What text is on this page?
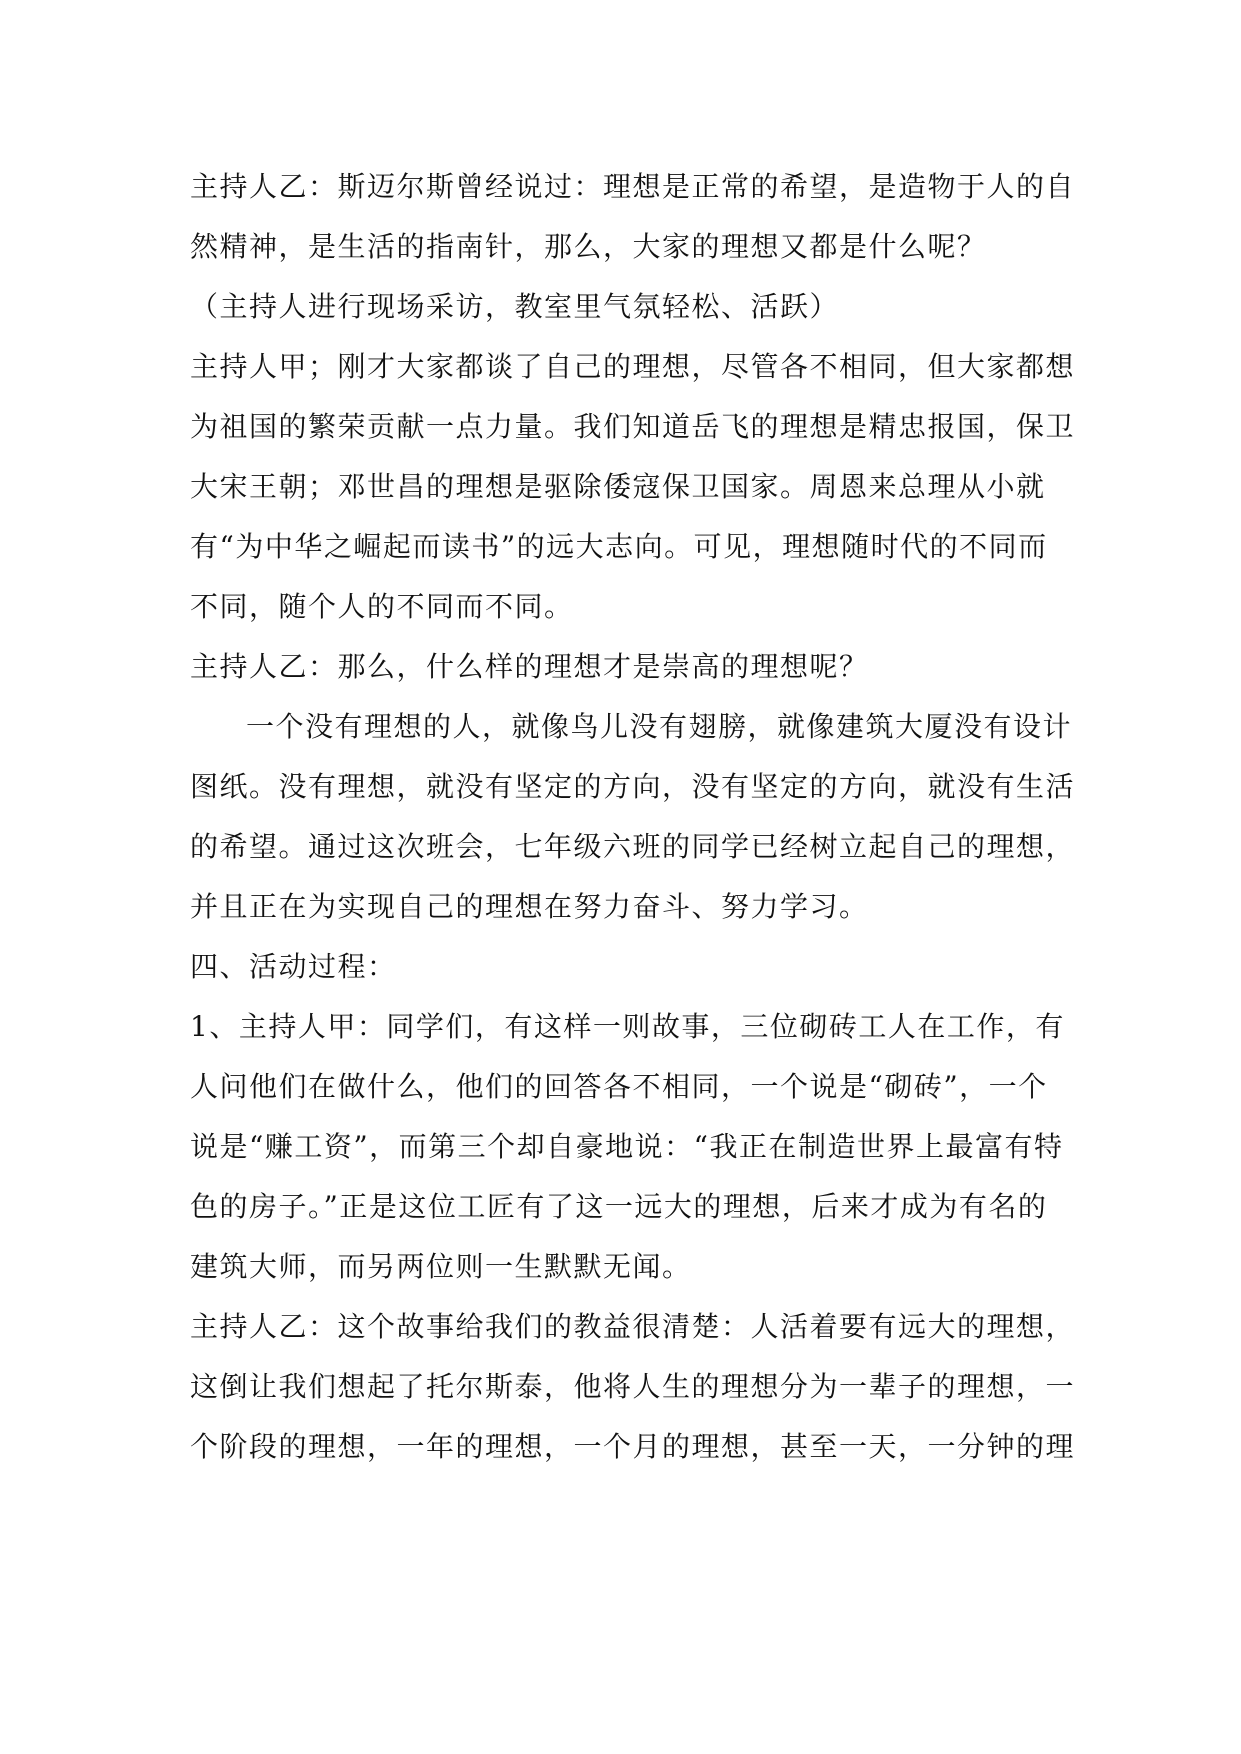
主持人乙：斯迈尔斯曾经说过：理想是正常的希望，是造物于人的自
然精神，是生活的指南针，那么，大家的理想又都是什么呢？
（主持人进行现场采访，教室里气氛轻松、活跃）
主持人甲；刚才大家都谈了自己的理想，尽管各不相同，但大家都想
为祖国的繁荣贡献一点力量。我们知道岳飞的理想是精忠报国，保卫
大宋王朝；邓世昌的理想是驱除倭寇保卫国家。周恩来总理从小就
有“为中华之崛起而读书”的远大志向。可见，理想随时代的不同而
不同，随个人的不同而不同。
主持人乙：那么，什么样的理想才是崇高的理想呢？
一个没有理想的人，就像鸟儿没有翅膀，就像建筑大厦没有设计
图纸。没有理想，就没有坚定的方向，没有坚定的方向，就没有生活
的希望。通过这次班会，七年级六班的同学已经树立起自己的理想，
并且正在为实现自己的理想在努力奋斗、努力学习。
四、活动过程：
1、主持人甲：同学们，有这样一则故事，三位砌砖工人在工作，有
人问他们在做什么，他们的回答各不相同，一个说是“砌砖”，一个
说是“赚工资”，而第三个却自豪地说：“我正在制造世界上最富有特
色的房子。”正是这位工匠有了这一远大的理想，后来才成为有名的
建筑大师，而另两位则一生默默无闻。
主持人乙：这个故事给我们的教益很清楚：人活着要有远大的理想，
这倒让我们想起了托尔斯泰，他将人生的理想分为一辈子的理想，一
个阶段的理想，一年的理想，一个月的理想，甚至一天，一分钟的理
